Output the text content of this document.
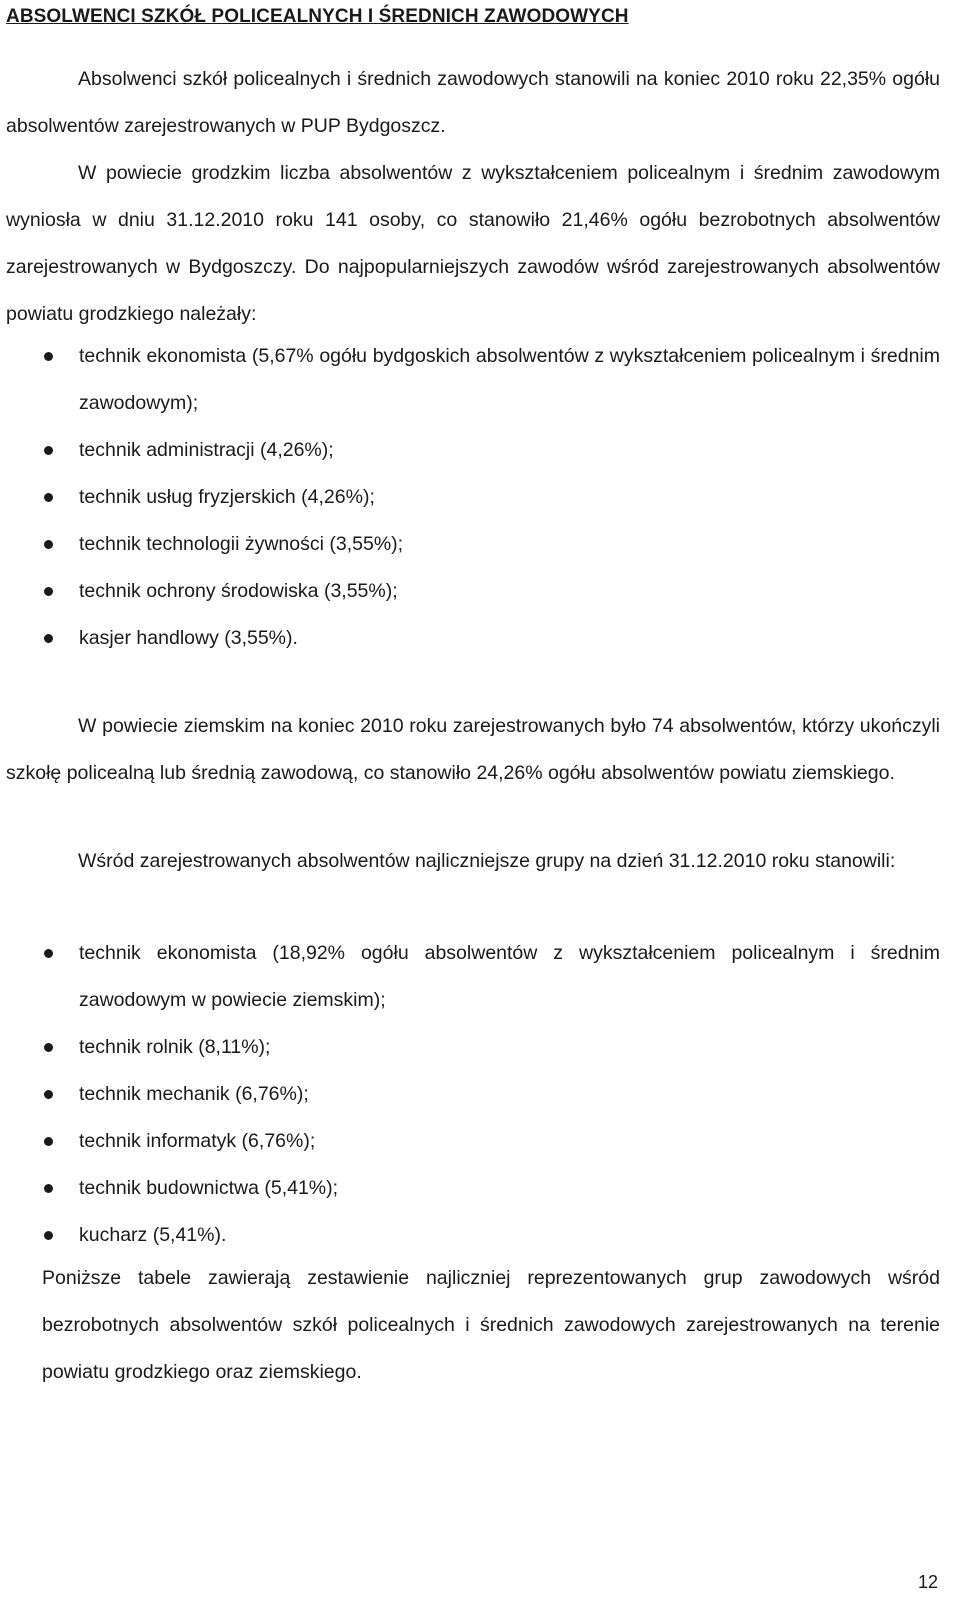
ABSOLWENCI SZKÓŁ POLICEALNYCH I ŚREDNICH ZAWODOWYCH

Absolwenci szkół policealnych i średnich zawodowych stanowili na koniec 2010 roku 22,35% ogółu absolwentów zarejestrowanych w PUP Bydgoszcz.

W powiecie grodzkim liczba absolwentów z wykształceniem policealnym i średnim zawodowym wyniosła w dniu 31.12.2010 roku 141 osoby, co stanowiło 21,46% ogółu bezrobotnych absolwentów zarejestrowanych w Bydgoszczy. Do najpopularniejszych zawodów wśród zarejestrowanych absolwentów powiatu grodzkiego należały:

technik ekonomista (5,67% ogółu bydgoskich absolwentów z wykształceniem policealnym i średnim zawodowym);
technik administracji (4,26%);
technik usług fryzjerskich (4,26%);
technik technologii żywności (3,55%);
technik ochrony środowiska (3,55%);
kasjer handlowy (3,55%).

W powiecie ziemskim na koniec 2010 roku zarejestrowanych było 74 absolwentów, którzy ukończyli szkołę policealną lub średnią zawodową, co stanowiło 24,26% ogółu absolwentów powiatu ziemskiego.

Wśród zarejestrowanych absolwentów najliczniejsze grupy na dzień 31.12.2010 roku stanowili:

technik ekonomista (18,92% ogółu absolwentów z wykształceniem policealnym i średnim zawodowym w powiecie ziemskim);
technik rolnik (8,11%);
technik mechanik (6,76%);
technik informatyk (6,76%);
technik budownictwa (5,41%);
kucharz (5,41%).

Poniższe tabele zawierają zestawienie najliczniej reprezentowanych grup zawodowych wśród bezrobotnych absolwentów szkół policealnych i średnich zawodowych zarejestrowanych na terenie powiatu grodzkiego oraz ziemskiego.

12
